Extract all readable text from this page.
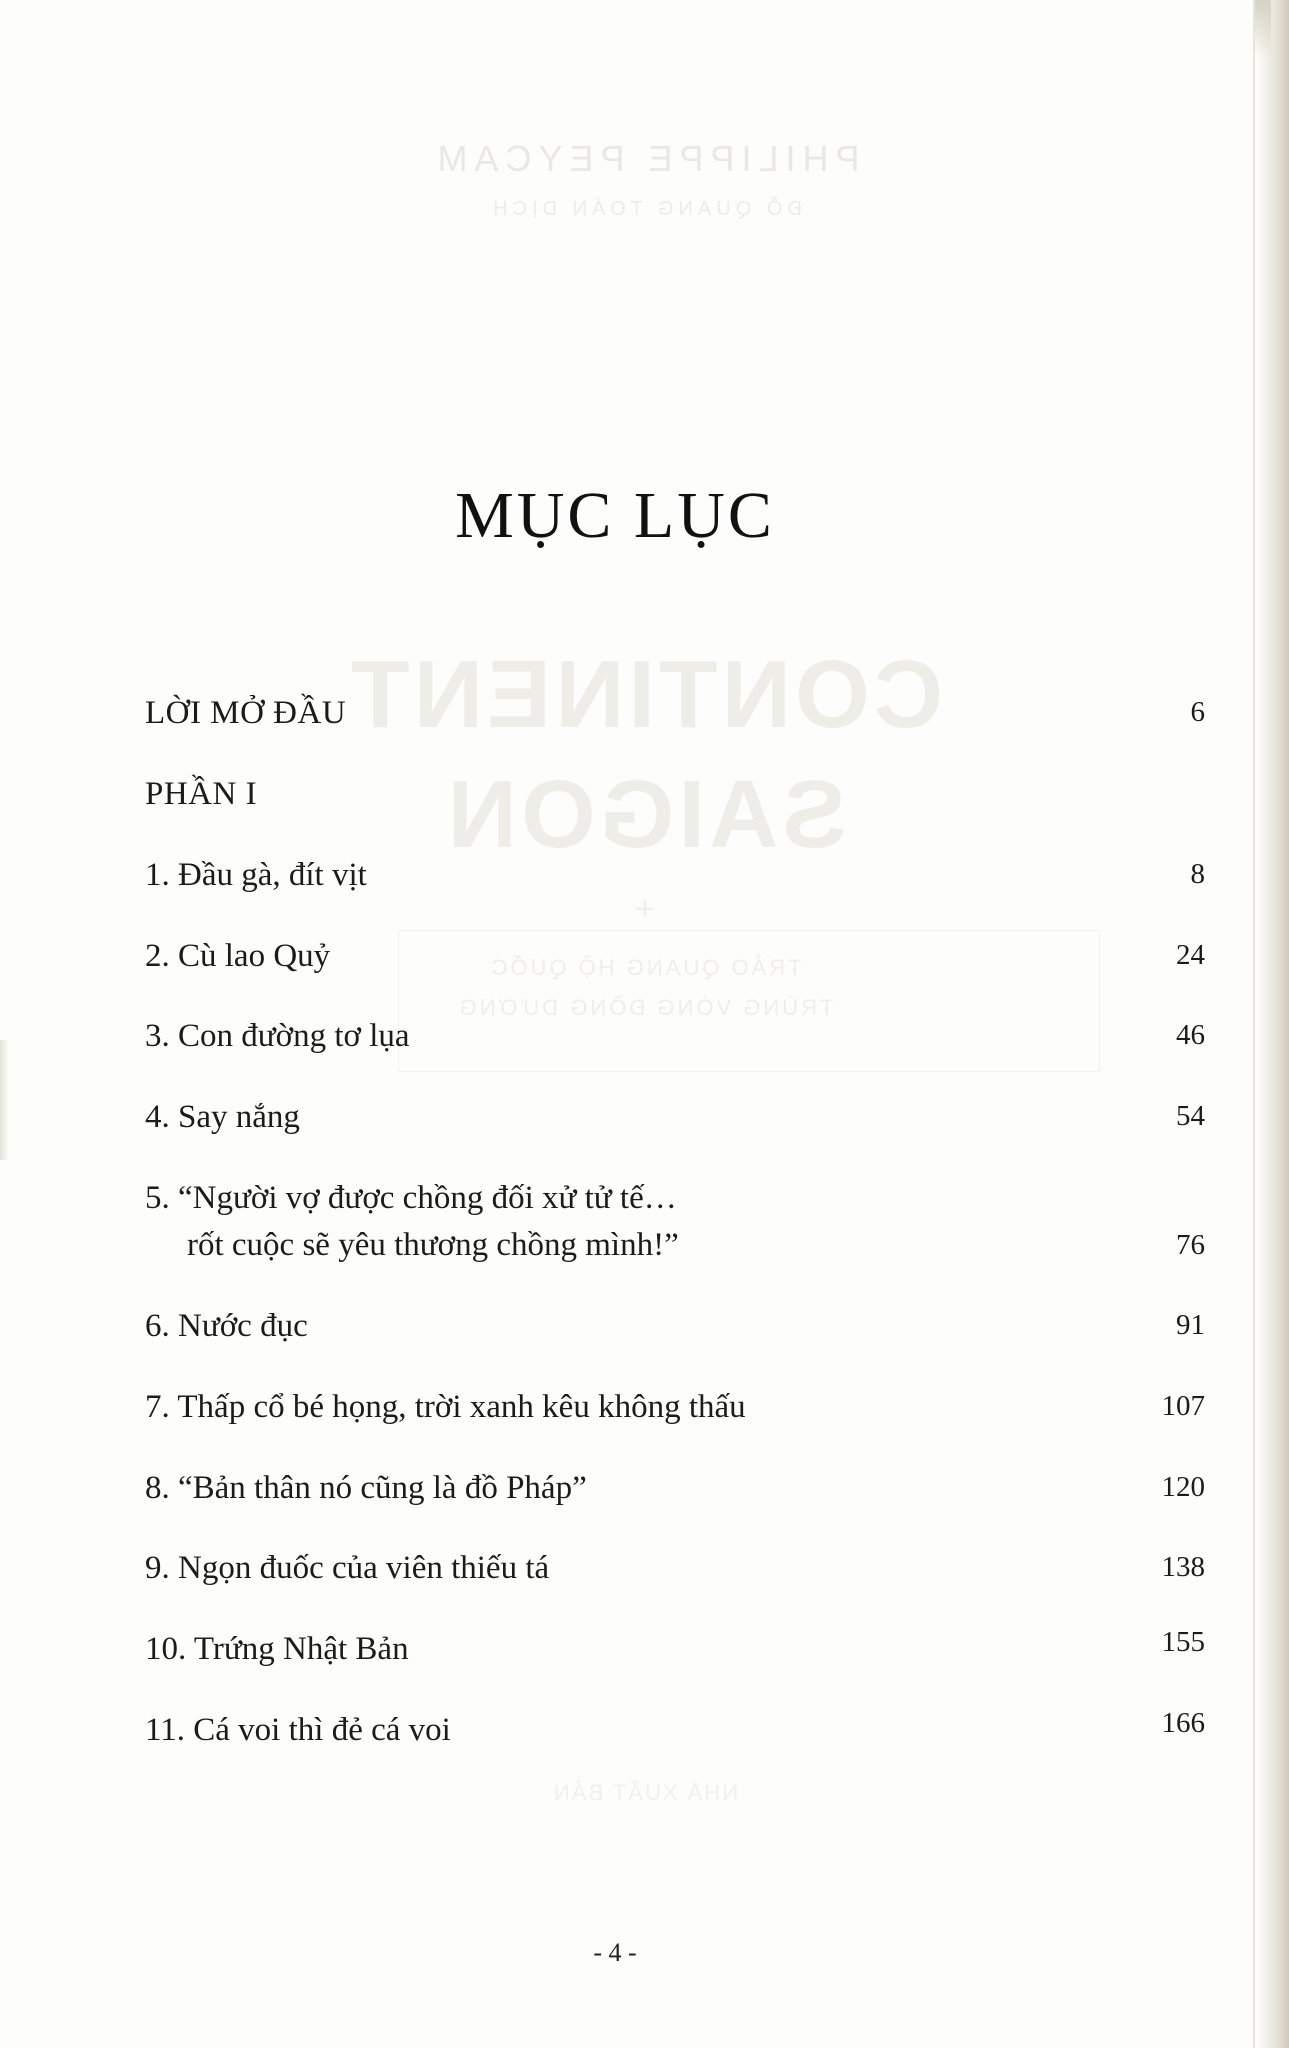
PHILIPPE PEYCAM
ĐỖ QUANG TOÁN DỊCH
CONTINENT
SAIGON
+
TRẢO QUANG HỘ QUỐC
TRÙNG VÒNG ĐỒNG DƯƠNG
NHÀ XUẤT BẢN
MỤC LỤC
LỜI MỞ ĐẦU	6
PHẦN I
1. Đầu gà, đít vịt	8
2. Cù lao Quỷ	24
3. Con đường tơ lụa	46
4. Say nắng	54
5. “Người vợ được chồng đối xử tử tế…
rốt cuộc sẽ yêu thương chồng mình!”	76
6. Nước đục	91
7. Thấp cổ bé họng, trời xanh kêu không thấu	107
8. “Bản thân nó cũng là đồ Pháp”	120
9. Ngọn đuốc của viên thiếu tá	138
10. Trứng Nhật Bản	155
11. Cá voi thì đẻ cá voi	166
- 4 -
